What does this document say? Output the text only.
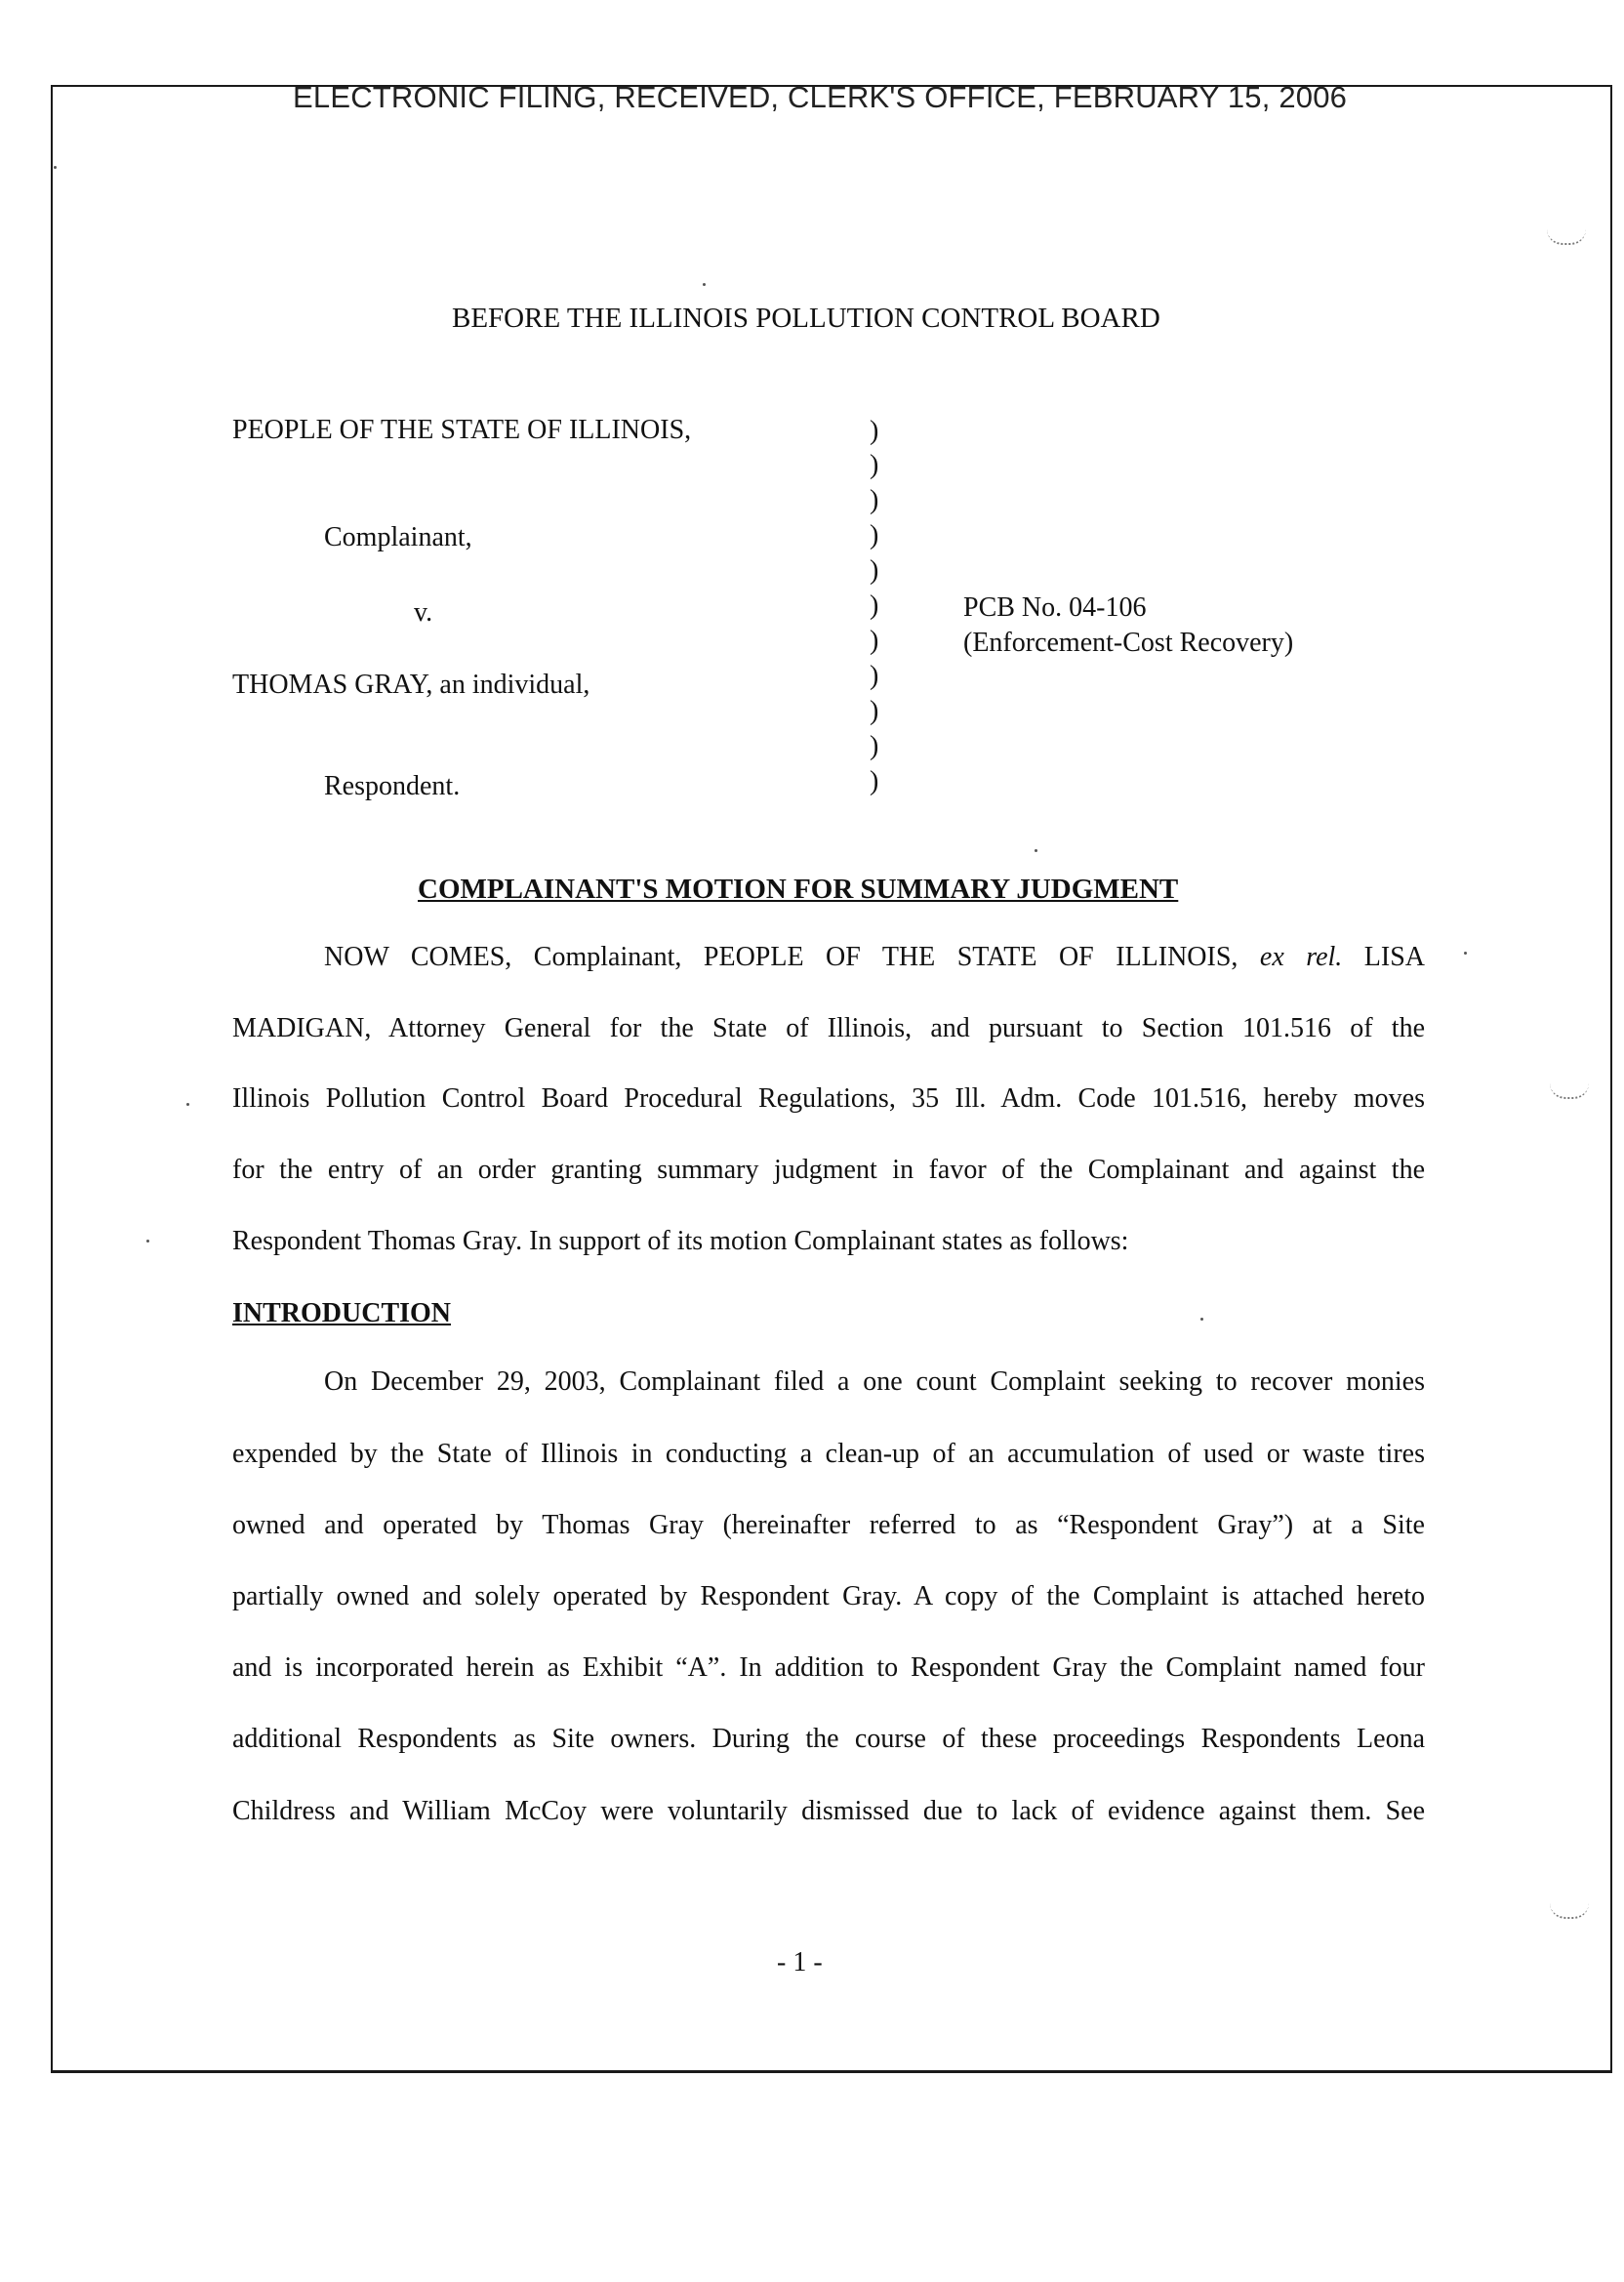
ELECTRONIC FILING, RECEIVED, CLERK'S OFFICE, FEBRUARY 15, 2006
BEFORE THE ILLINOIS POLLUTION CONTROL BOARD
PEOPLE OF THE STATE OF ILLINOIS,
Complainant,
v.
THOMAS GRAY, an individual,
Respondent.
)
)
)
)
)
)
)
)
)
)
)
PCB No. 04-106
(Enforcement-Cost Recovery)
COMPLAINANT'S MOTION FOR SUMMARY JUDGMENT
NOW COMES, Complainant, PEOPLE OF THE STATE OF ILLINOIS, ex rel. LISA
MADIGAN, Attorney General for the State of Illinois, and pursuant to Section 101.516 of the
Illinois Pollution Control Board Procedural Regulations, 35 Ill. Adm. Code 101.516, hereby moves
for the entry of an order granting summary judgment in favor of the Complainant and against the
Respondent Thomas Gray. In support of its motion Complainant states as follows:
INTRODUCTION
On December 29, 2003, Complainant filed a one count Complaint seeking to recover monies
expended by the State of Illinois in conducting a clean-up of an accumulation of used or waste tires
owned and operated by Thomas Gray (hereinafter referred to as “Respondent Gray”) at a Site
partially owned and solely operated by Respondent Gray. A copy of the Complaint is attached hereto
and is incorporated herein as Exhibit “A”. In addition to Respondent Gray the Complaint named four
additional Respondents as Site owners. During the course of these proceedings Respondents Leona
Childress and William McCoy were voluntarily dismissed due to lack of evidence against them. See
- 1 -
